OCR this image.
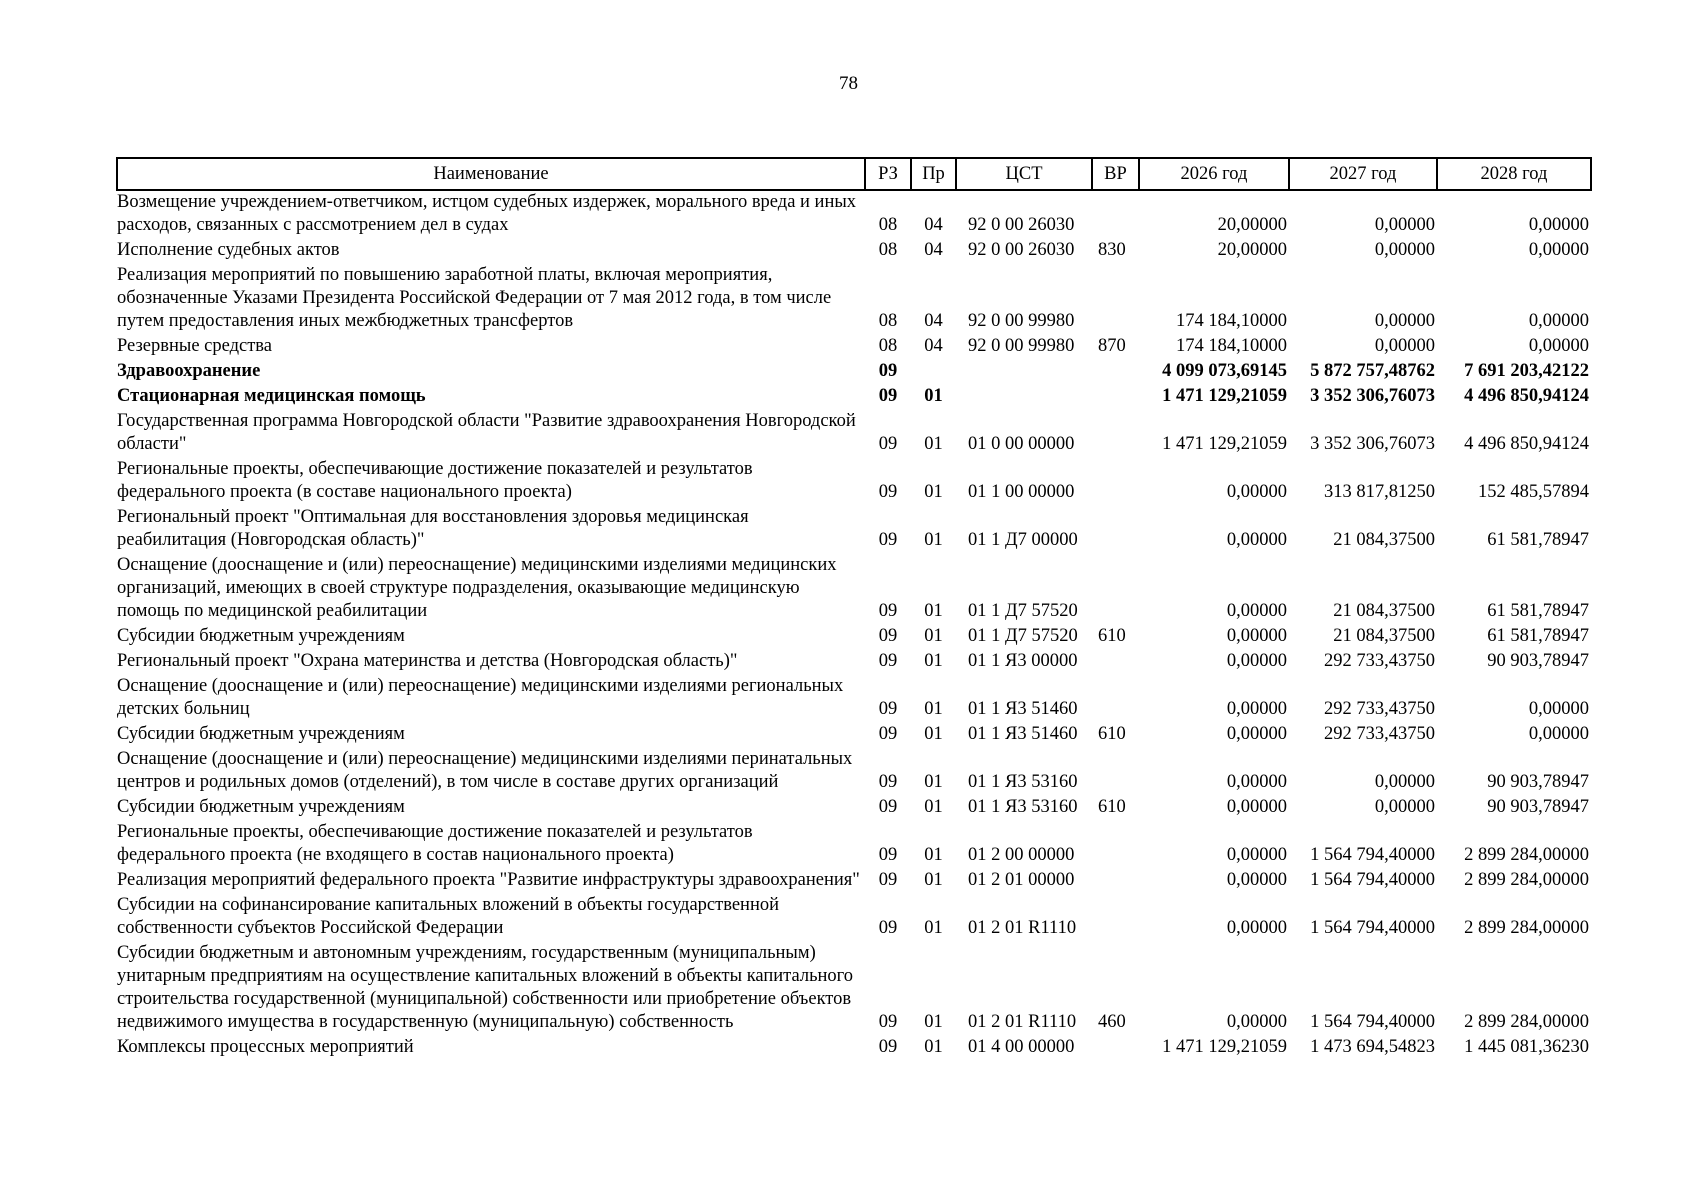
78
Наименование	РЗ	Пр	ЦСТ	ВР	2026 год	2027 год	2028 год
Возмещение учреждением-ответчиком, истцом судебных издержек, морального вреда и иных расходов, связанных с рассмотрением дел в судах	08	04	92 0 00 26030		20,00000	0,00000	0,00000
Исполнение судебных актов	08	04	92 0 00 26030	830	20,00000	0,00000	0,00000
Реализация мероприятий по повышению заработной платы, включая мероприятия, обозначенные Указами Президента Российской Федерации от 7 мая 2012 года, в том числе путем предоставления иных межбюджетных трансфертов	08	04	92 0 00 99980		174 184,10000	0,00000	0,00000
Резервные средства	08	04	92 0 00 99980	870	174 184,10000	0,00000	0,00000
Здравоохранение	09				4 099 073,69145	5 872 757,48762	7 691 203,42122
Стационарная медицинская помощь	09	01			1 471 129,21059	3 352 306,76073	4 496 850,94124
Государственная программа Новгородской области "Развитие здравоохранения Новгородской области"	09	01	01 0 00 00000		1 471 129,21059	3 352 306,76073	4 496 850,94124
Региональные проекты, обеспечивающие достижение показателей и результатов федерального проекта (в составе национального проекта)	09	01	01 1 00 00000		0,00000	313 817,81250	152 485,57894
Региональный проект "Оптимальная для восстановления здоровья медицинская реабилитация (Новгородская область)"	09	01	01 1 Д7 00000		0,00000	21 084,37500	61 581,78947
Оснащение (дооснащение и (или) переоснащение) медицинскими изделиями медицинских организаций, имеющих в своей структуре подразделения, оказывающие медицинскую помощь по медицинской реабилитации	09	01	01 1 Д7 57520		0,00000	21 084,37500	61 581,78947
Субсидии бюджетным учреждениям	09	01	01 1 Д7 57520	610	0,00000	21 084,37500	61 581,78947
Региональный проект "Охрана материнства и детства (Новгородская область)"	09	01	01 1 Я3 00000		0,00000	292 733,43750	90 903,78947
Оснащение (дооснащение и (или) переоснащение) медицинскими изделиями региональных детских больниц	09	01	01 1 Я3 51460		0,00000	292 733,43750	0,00000
Субсидии бюджетным учреждениям	09	01	01 1 Я3 51460	610	0,00000	292 733,43750	0,00000
Оснащение (дооснащение и (или) переоснащение) медицинскими изделиями перинатальных центров и родильных домов (отделений), в том числе в составе других организаций	09	01	01 1 Я3 53160		0,00000	0,00000	90 903,78947
Субсидии бюджетным учреждениям	09	01	01 1 Я3 53160	610	0,00000	0,00000	90 903,78947
Региональные проекты, обеспечивающие достижение показателей и результатов федерального проекта (не входящего в состав национального проекта)	09	01	01 2 00 00000		0,00000	1 564 794,40000	2 899 284,00000
Реализация мероприятий федерального проекта "Развитие инфраструктуры здравоохранения"	09	01	01 2 01 00000		0,00000	1 564 794,40000	2 899 284,00000
Субсидии на софинансирование капитальных вложений в объекты государственной собственности субъектов Российской Федерации	09	01	01 2 01 R1110		0,00000	1 564 794,40000	2 899 284,00000
Субсидии бюджетным и автономным учреждениям, государственным (муниципальным) унитарным предприятиям на осуществление капитальных вложений в объекты капитального строительства государственной (муниципальной) собственности или приобретение объектов недвижимого имущества в государственную (муниципальную) собственность	09	01	01 2 01 R1110	460	0,00000	1 564 794,40000	2 899 284,00000
Комплексы процессных мероприятий	09	01	01 4 00 00000		1 471 129,21059	1 473 694,54823	1 445 081,36230
